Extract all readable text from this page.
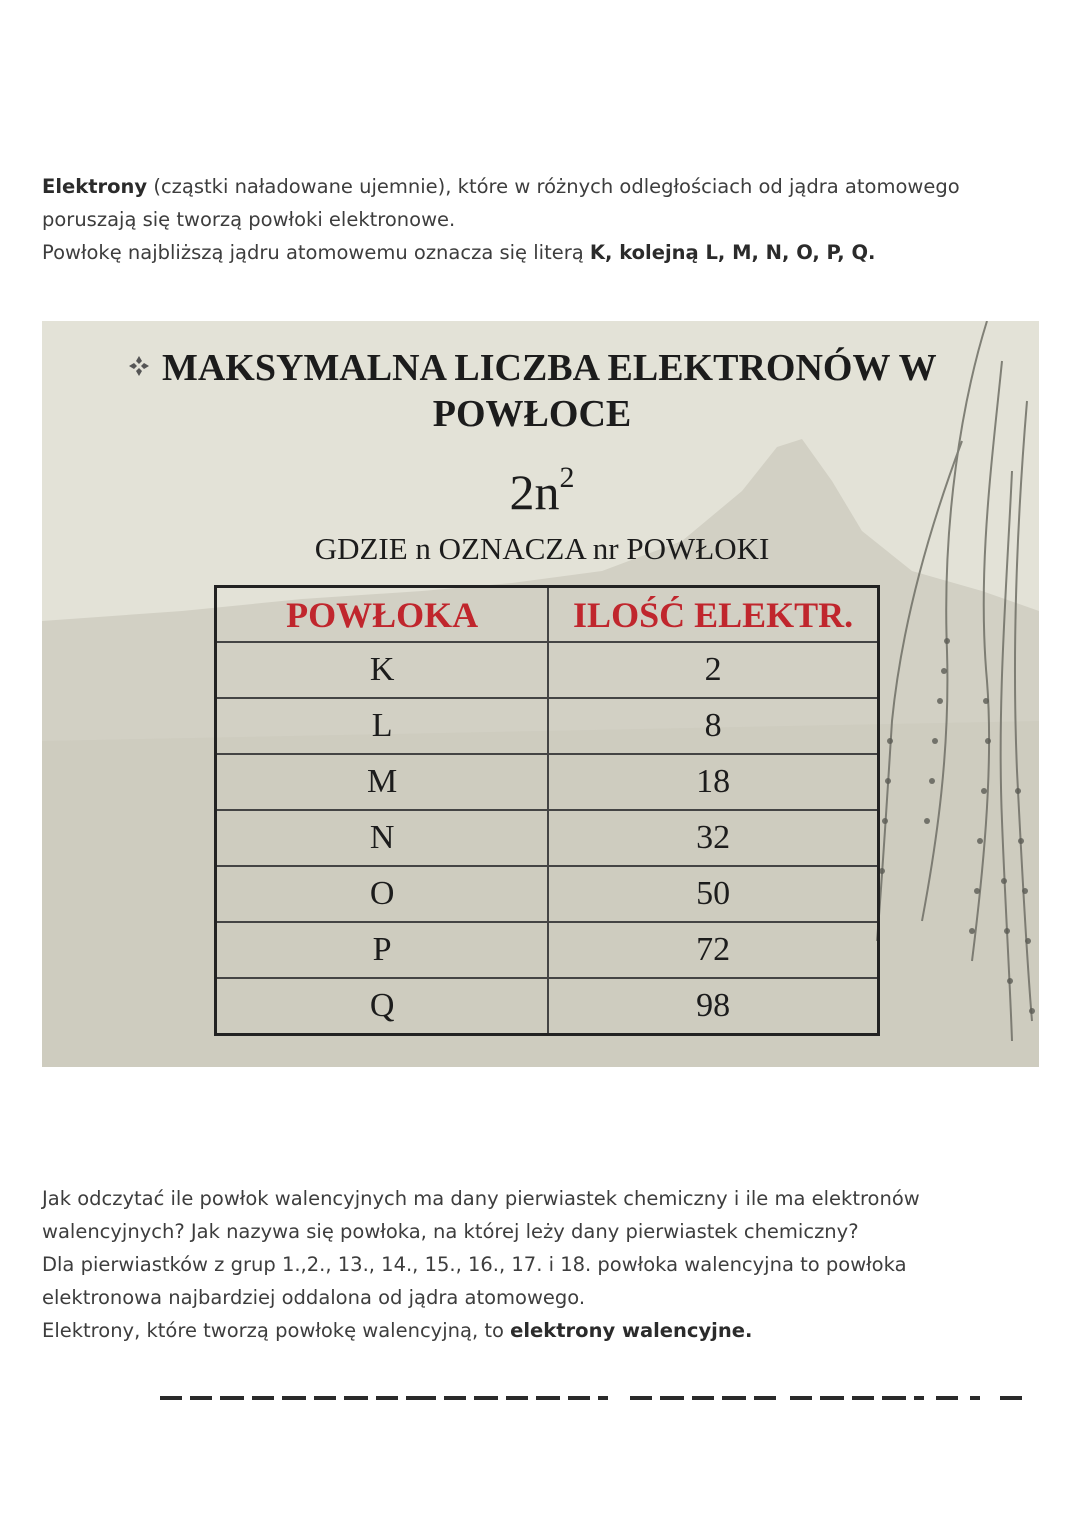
Elektrony (cząstki naładowane ujemnie), które w różnych odległościach od jądra atomowego

poruszają się tworzą powłoki elektronowe.

Powłokę najbliższą jądru atomowemu oznacza się literą K, kolejną L, M, N, O, P, Q.

MAKSYMALNA LICZBA ELEKTRONÓW W
POWŁOCE
$2n^2$
GDZIE n OZNACZA nr POWŁOKI
POWŁOKA	ILOŚĆ ELEKTR.
K	2
L	8
M	18
N	32
O	50
P	72
Q	98

Jak odczytać ile powłok walencyjnych ma dany pierwiastek chemiczny i ile ma elektronów

walencyjnych? Jak nazywa się powłoka, na której leży dany pierwiastek chemiczny?

Dla pierwiastków z grup 1.,2., 13., 14., 15., 16., 17. i 18. powłoka walencyjna to powłoka

elektronowa najbardziej oddalona od jądra atomowego.

Elektrony, które tworzą powłokę walencyjną, to elektrony walencyjne.
